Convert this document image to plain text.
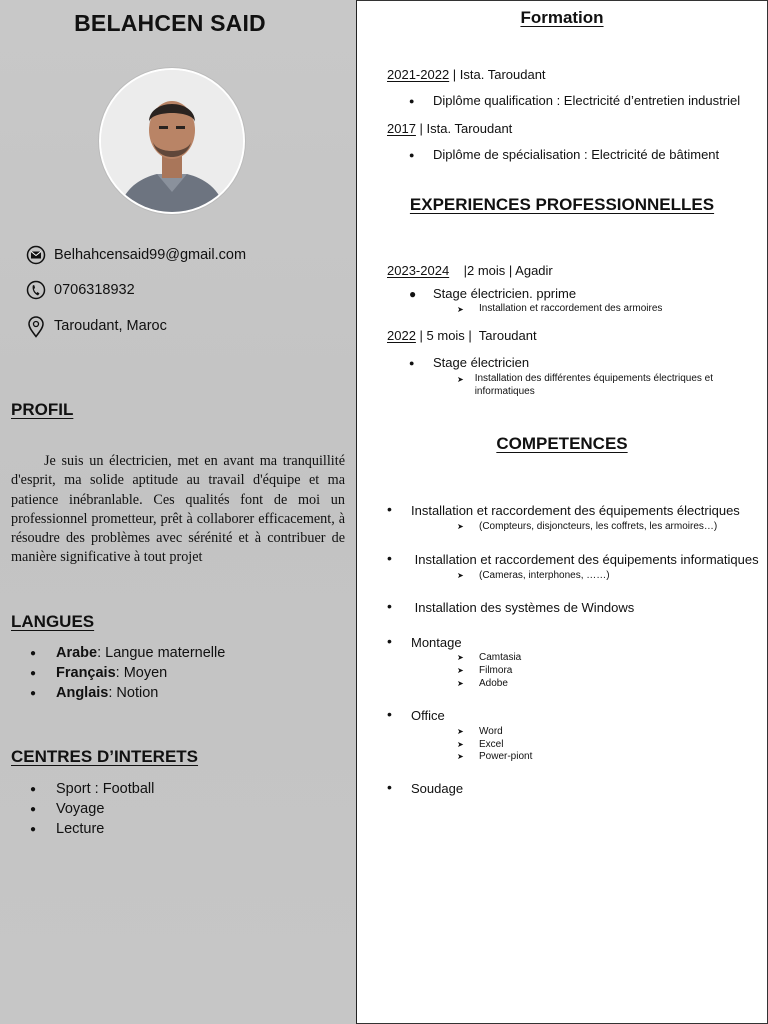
BELAHCEN SAID
Belhahcensaid99@gmail.com
0706318932
Taroudant, Maroc
PROFIL
Je suis un électricien, met en avant ma tranquillité d'esprit, ma solide aptitude au travail d'équipe et ma patience inébranlable. Ces qualités font de moi un professionnel prometteur, prêt à collaborer efficacement, à résoudre des problèmes avec sérénité et à contribuer de manière significative à tout projet
LANGUES
●	Arabe : Langue maternelle
●	Français : Moyen
●	Anglais : Notion
CENTRES D’INTERETS
●	Sport : Football
●	Voyage
●	Lecture
Formation
2021-2022 | Ista. Taroudant
●	Diplôme qualification : Electricité d’entretien industriel
2017 | Ista. Taroudant
●	Diplôme de spécialisation : Electricité de bâtiment
EXPERIENCES PROFESSIONNELLES
2023-2024    |2 mois | Agadir
●	Stage électricien. pprime
➤	Installation et raccordement des armoires
2022 | 5 mois |  Taroudant
●	Stage électricien
➤	Installation des différentes équipements électriques et informatiques
COMPETENCES
•	Installation et raccordement des équipements électriques
➤	(Compteurs, disjoncteurs, les coffrets, les armoires…)
•	Installation et raccordement des équipements informatiques
➤	(Cameras, interphones, ……)
•	Installation des systèmes de Windows
•	Montage
➤	Camtasia
➤	Filmora
➤	Adobe
•	Office
➤	Word
➤	Excel
➤	Power-piont
•	Soudage
